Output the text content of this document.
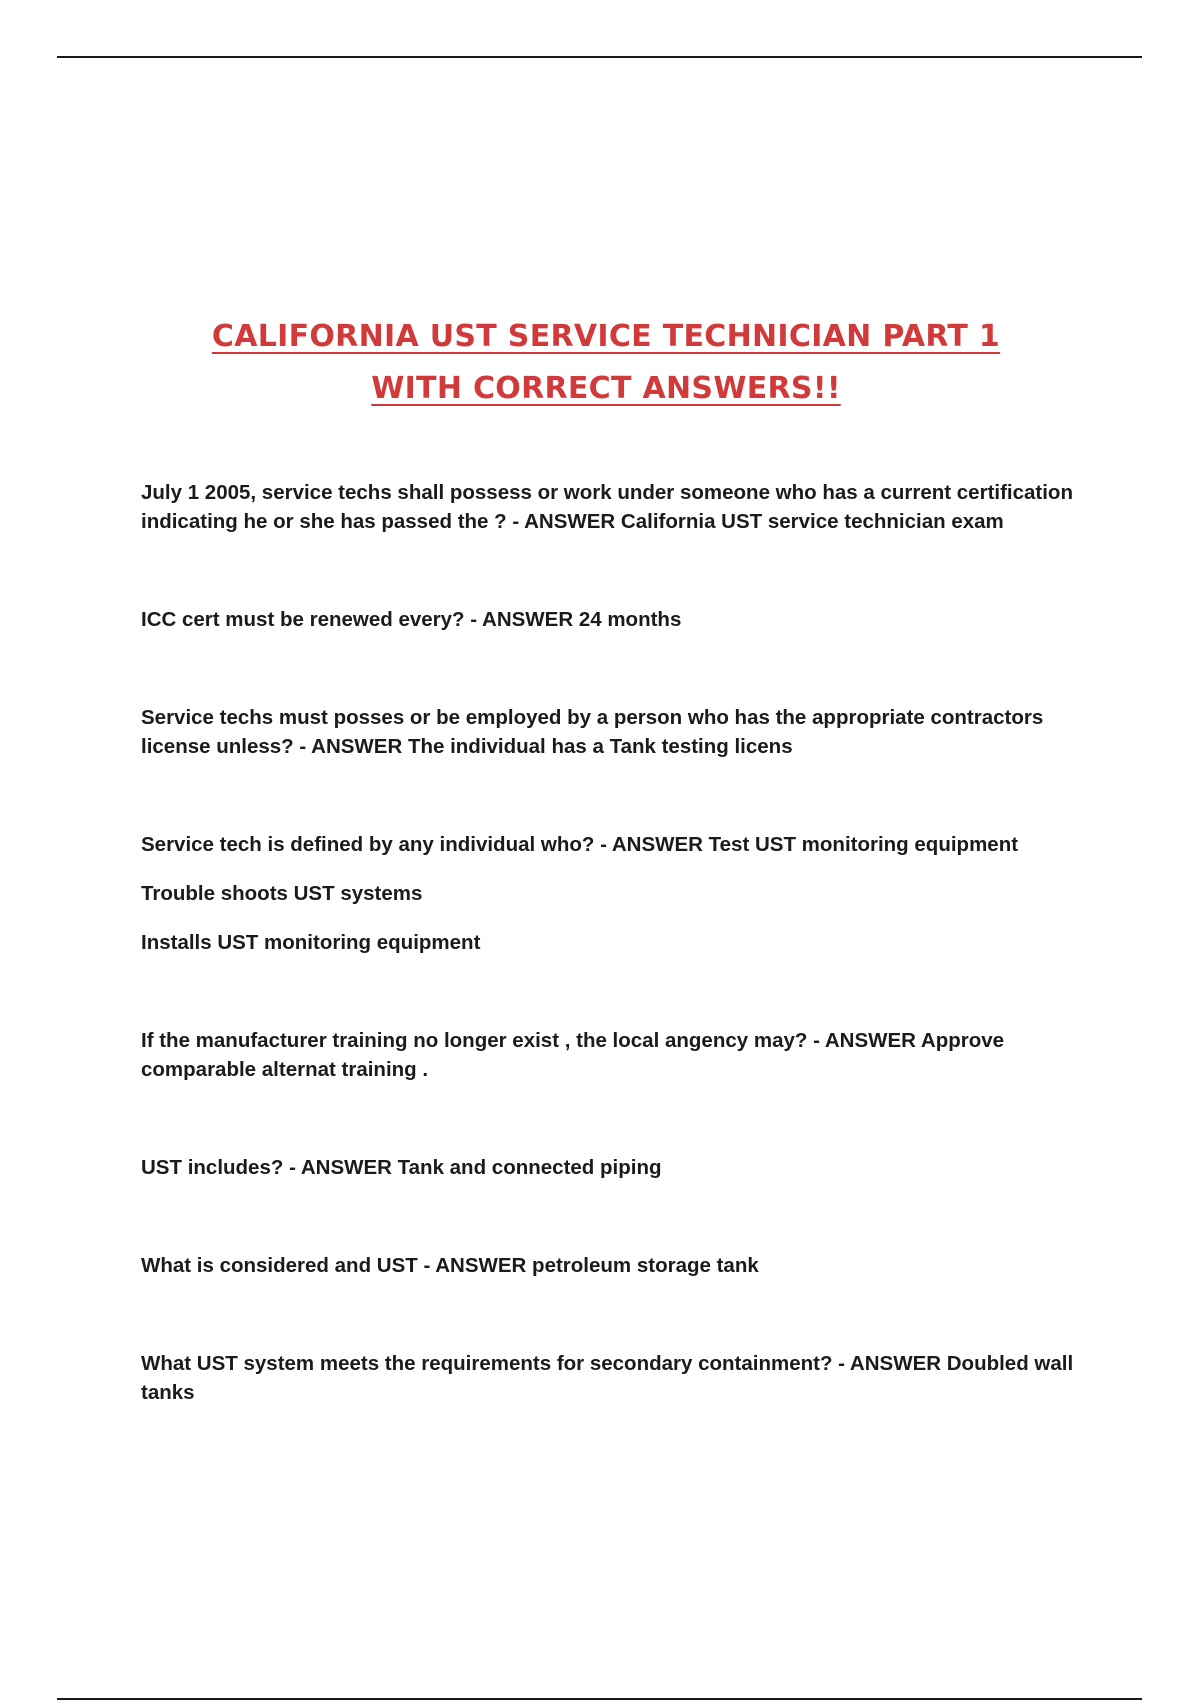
CALIFORNIA UST SERVICE TECHNICIAN PART 1
WITH CORRECT ANSWERS!!

July 1 2005, service techs shall possess or work under someone who has a current certification indicating he or she has passed the ? - ANSWER California UST service technician exam

ICC cert must be renewed every? - ANSWER 24 months

Service techs must posses or be employed by a person who has the appropriate contractors license unless? - ANSWER The individual has a Tank testing licens

Service tech is defined by any individual who? - ANSWER Test UST monitoring equipment

Trouble shoots UST systems

Installs UST monitoring equipment

If the manufacturer training no longer exist , the local angency may? - ANSWER Approve comparable alternat training .

UST includes? - ANSWER Tank and connected piping

What is considered and UST - ANSWER petroleum storage tank

What UST system meets the requirements for secondary containment? - ANSWER Doubled wall tanks
